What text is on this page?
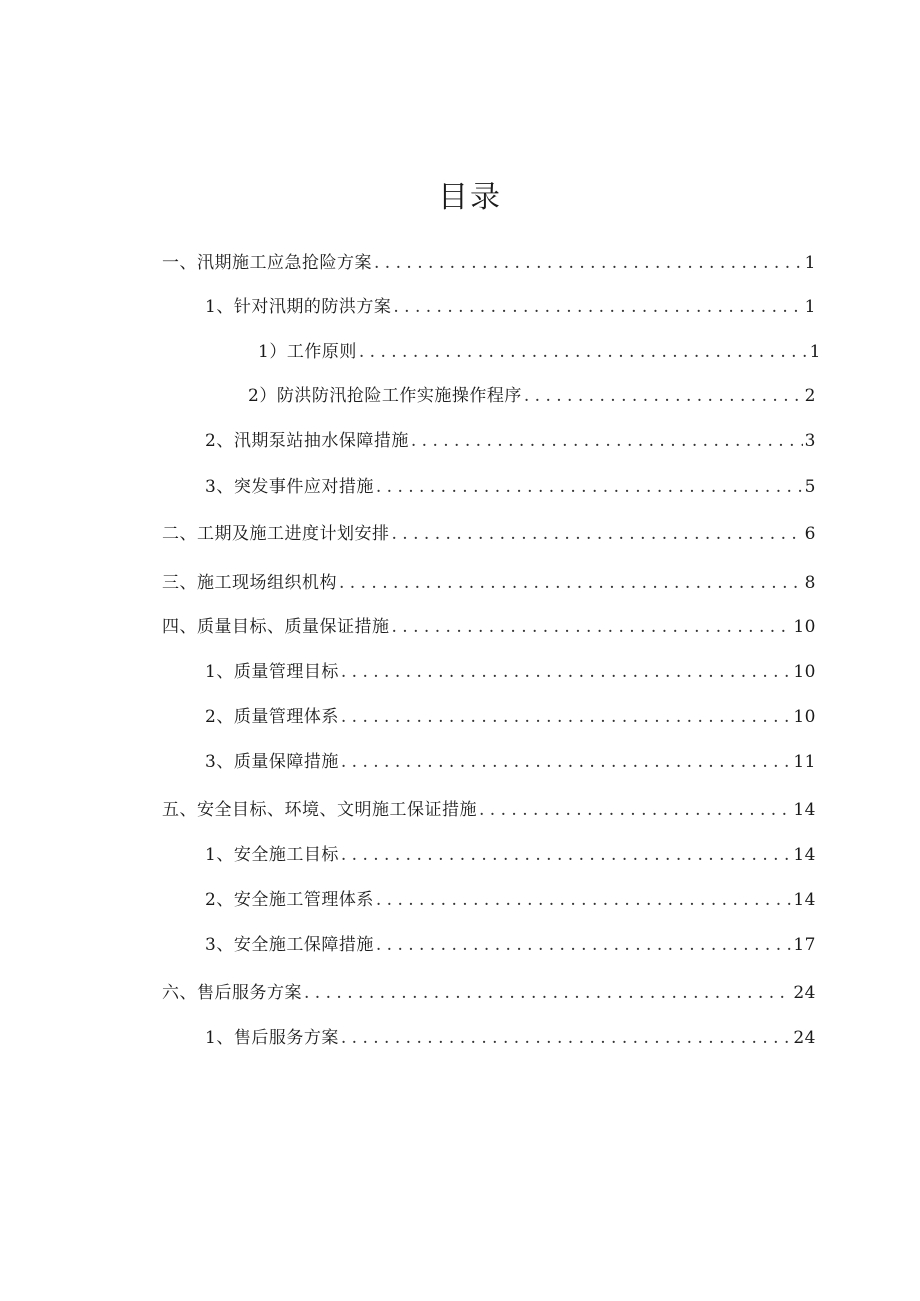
目录
一、汛期施工应急抢险方案 . . .	1
1、针对汛期的防洪方案 . . .	1
1）工作原则 . . .	1
2）防洪防汛抢险工作实施操作程序 . . .	2
2、汛期泵站抽水保障措施 . . .	3
3、突发事件应对措施 . . .	5
二、工期及施工进度计划安排 . . .	6
三、施工现场组织机构 . . .	8
四、质量目标、质量保证措施 . . .	10
1、质量管理目标 . . .	10
2、质量管理体系 . . .	10
3、质量保障措施 . . .	11
五、安全目标、环境、文明施工保证措施 . . .	14
1、安全施工目标 . . .	14
2、安全施工管理体系 . . .	14
3、安全施工保障措施 . . .	17
六、售后服务方案 . . .	24
1、售后服务方案 . . .	24
